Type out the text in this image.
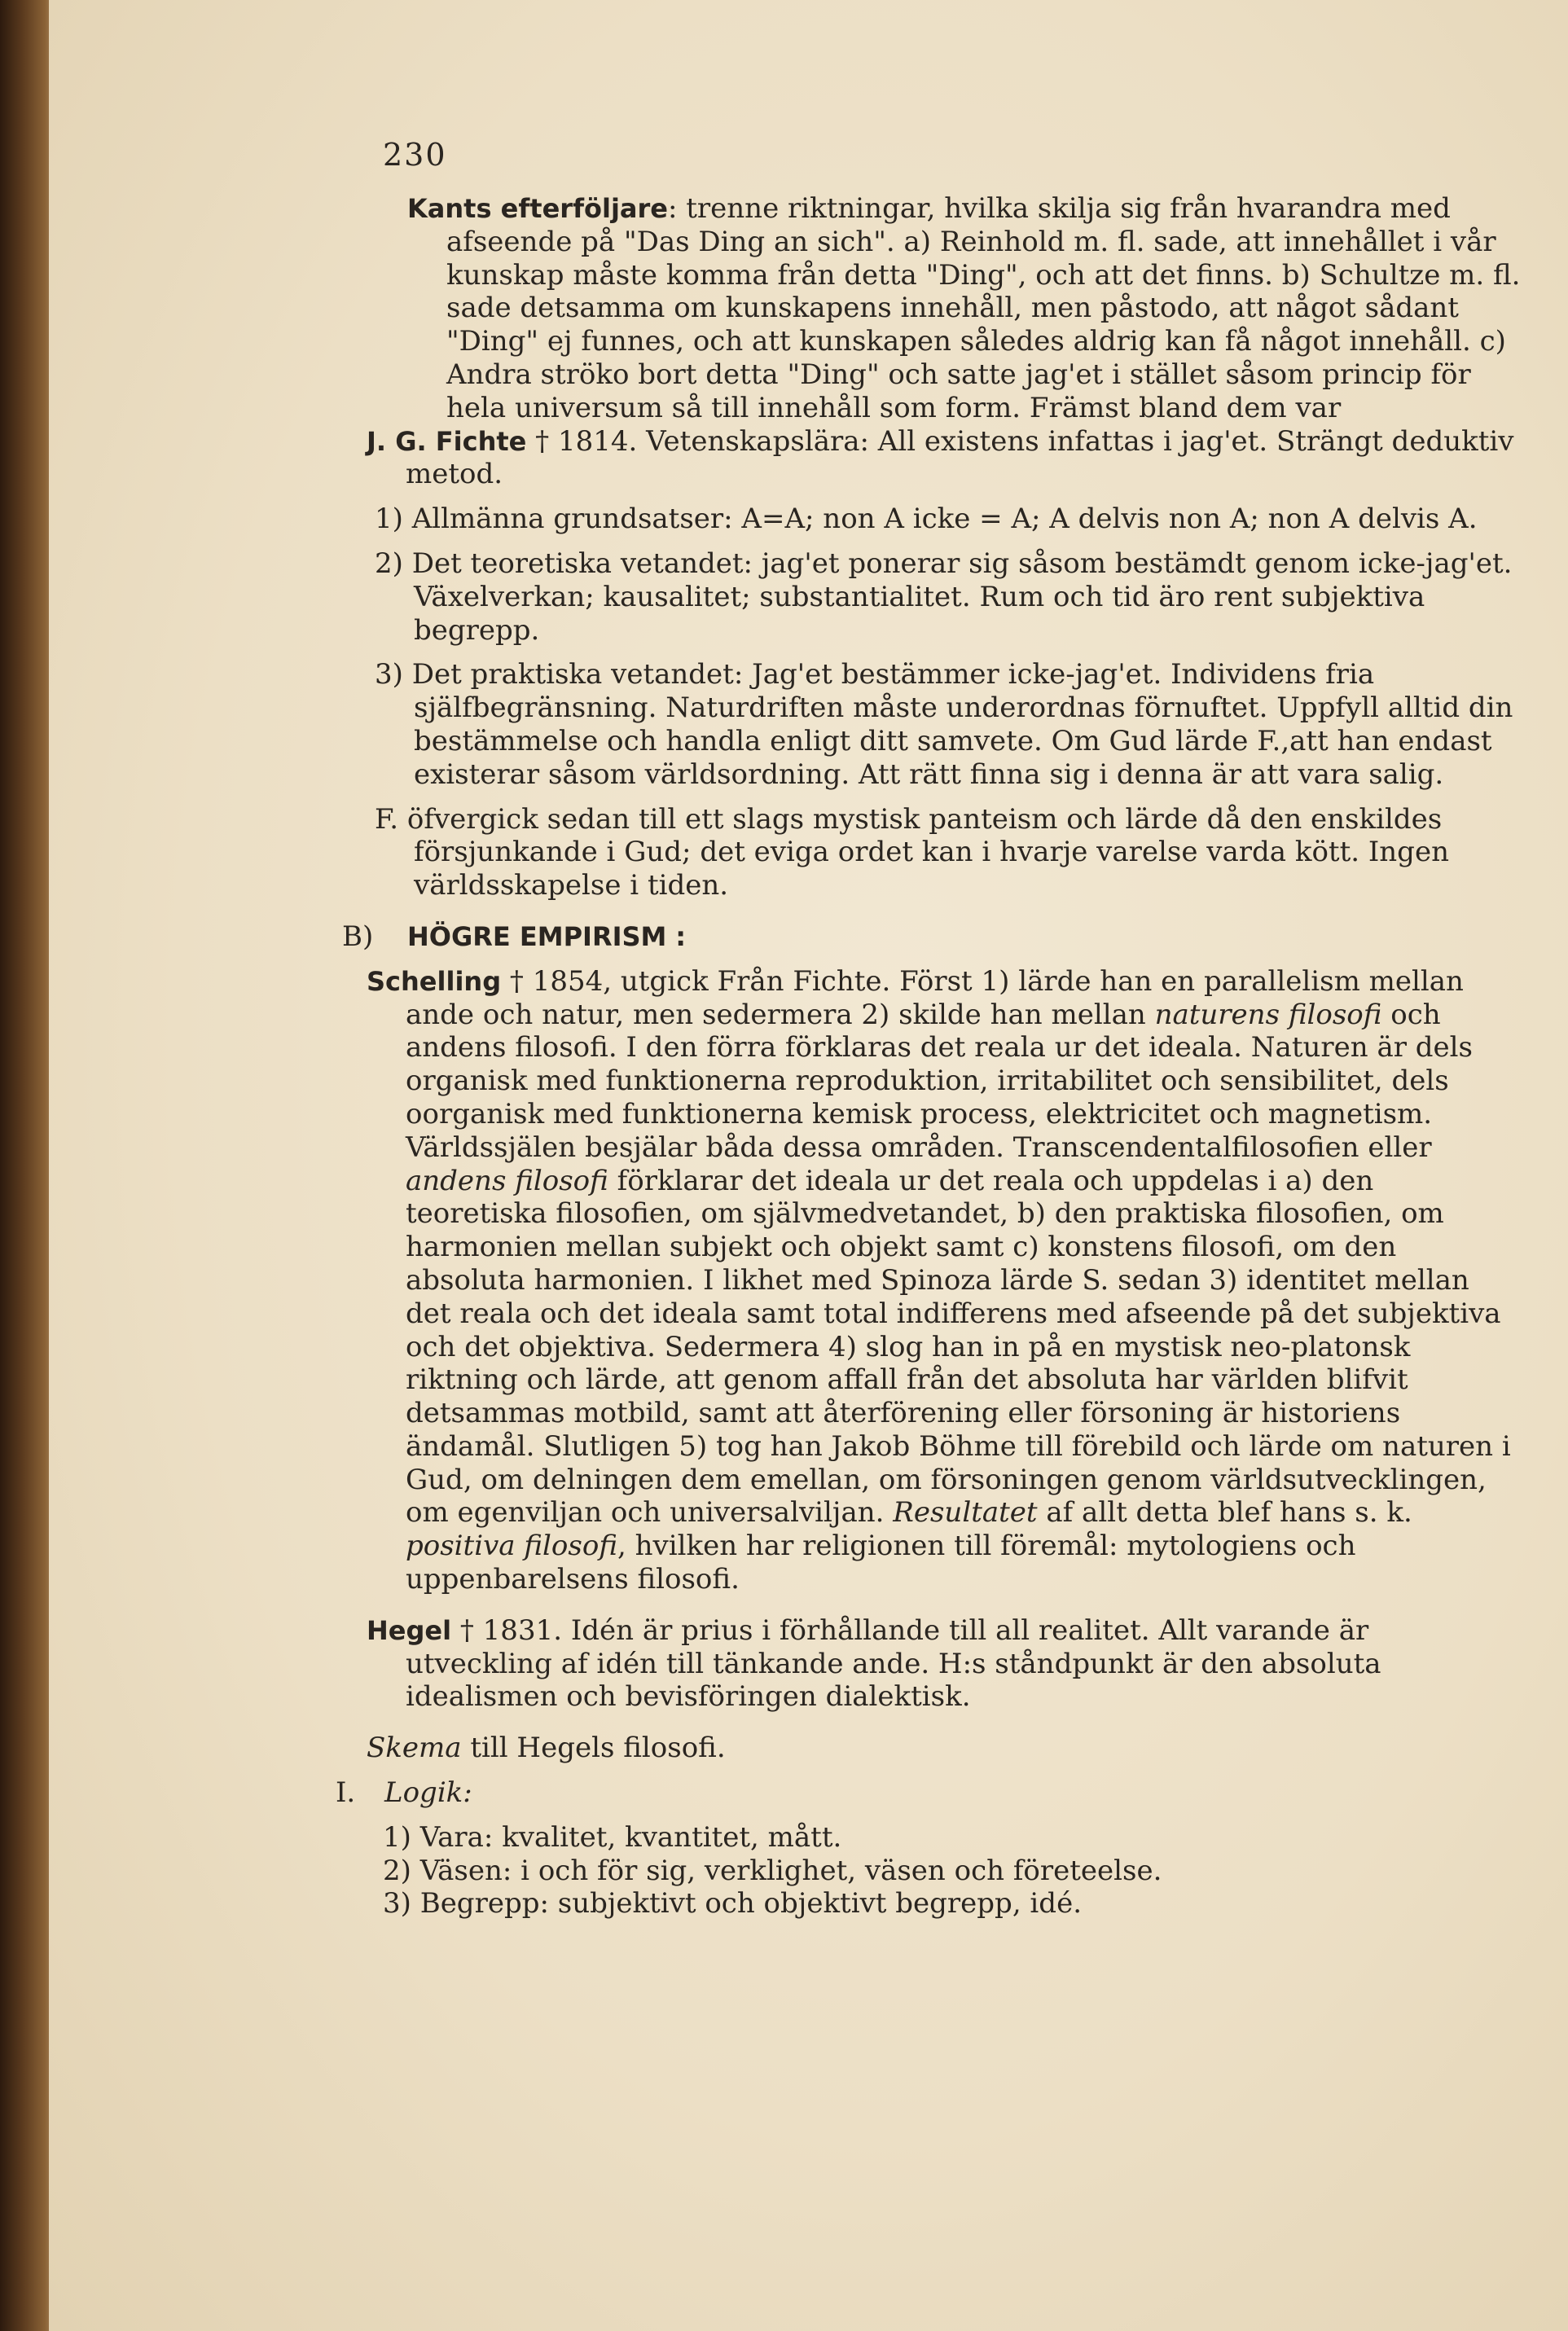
230

Kants efterföljare: trenne riktningar, hvilka skilja sig från hvarandra med afseende på "Das Ding an sich". a) Reinhold m. fl. sade, att innehållet i vår kunskap måste komma från detta "Ding", och att det finns. b) Schultze m. fl. sade detsamma om kunskapens innehåll, men påstodo, att något sådant "Ding" ej funnes, och att kunskapen således aldrig kan få något innehåll. c) Andra ströko bort detta "Ding" och satte jag'et i stället såsom princip för hela universum så till innehåll som form. Främst bland dem var

J. G. Fichte † 1814. Vetenskapslära: All existens infattas i jag'et. Strängt deduktiv metod.

1) Allmänna grundsatser: A=A; non A icke = A; A delvis non A; non A delvis A.

2) Det teoretiska vetandet: jag'et ponerar sig såsom bestämdt genom icke-jag'et. Växelverkan; kausalitet; substantialitet. Rum och tid äro rent subjektiva begrepp.

3) Det praktiska vetandet: Jag'et bestämmer icke-jag'et. Individens fria själfbegränsning. Naturdriften måste underordnas förnuftet. Uppfyll alltid din bestämmelse och handla enligt ditt samvete. Om Gud lärde F.,att han endast existerar såsom världsordning. Att rätt finna sig i denna är att vara salig.

F. öfvergick sedan till ett slags mystisk panteism och lärde då den enskildes försjunkande i Gud; det eviga ordet kan i hvarje varelse varda kött. Ingen världsskapelse i tiden.

B) HÖGRE EMPIRISM :

Schelling † 1854, utgick Från Fichte. Först 1) lärde han en parallelism mellan ande och natur, men sedermera 2) skilde han mellan naturens filosofi och andens filosofi. I den förra förklaras det reala ur det ideala. Naturen är dels organisk med funktionerna reproduktion, irritabilitet och sensibilitet, dels oorganisk med funktionerna kemisk process, elektricitet och magnetism. Världssjälen besjälar båda dessa områden. Transcendentalfilosofien eller andens filosofi förklarar det ideala ur det reala och uppdelas i a) den teoretiska filosofien, om självmedvetandet, b) den praktiska filosofien, om harmonien mellan subjekt och objekt samt c) konstens filosofi, om den absoluta harmonien. I likhet med Spinoza lärde S. sedan 3) identitet mellan det reala och det ideala samt total indifferens med afseende på det subjektiva och det objektiva. Sedermera 4) slog han in på en mystisk neo-platonsk riktning och lärde, att genom affall från det absoluta har världen blifvit detsammas motbild, samt att återförening eller försoning är historiens ändamål. Slutligen 5) tog han Jakob Böhme till förebild och lärde om naturen i Gud, om delningen dem emellan, om försoningen genom världsutvecklingen, om egenviljan och universalviljan. Resultatet af allt detta blef hans s. k. positiva filosofi, hvilken har religionen till föremål: mytologiens och uppenbarelsens filosofi.

Hegel † 1831. Idén är prius i förhållande till all realitet. Allt varande är utveckling af idén till tänkande ande. H:s ståndpunkt är den absoluta idealismen och bevisföringen dialektisk.

Skema till Hegels filosofi.

I. Logik:

1) Vara: kvalitet, kvantitet, mått.

2) Väsen: i och för sig, verklighet, väsen och företeelse.

3) Begrepp: subjektivt och objektivt begrepp, idé.
